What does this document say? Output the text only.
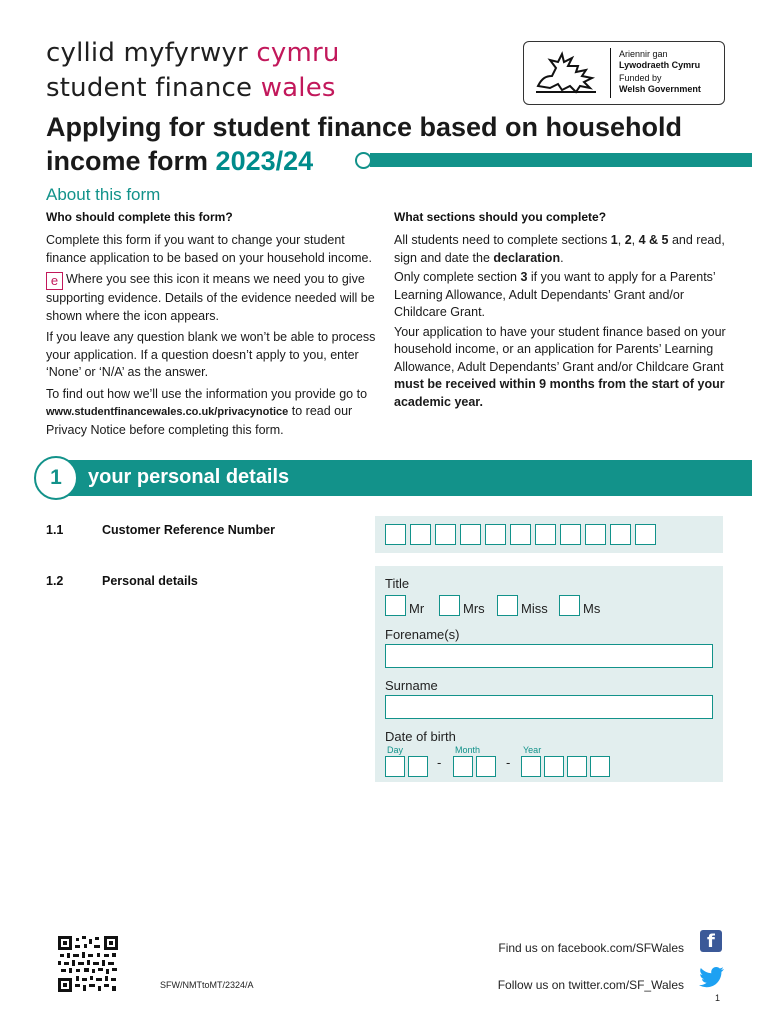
cyllid myfyrwyr cymru
student finance wales
Ariennir gan
Lywodraeth Cymru
Funded by
Welsh Government
Applying for student finance based on household
income form 2023/24
About this form
Who should complete this form?
Complete this form if you want to change your student finance application to be based on your household income.
e Where you see this icon it means we need you to give supporting evidence. Details of the evidence needed will be shown where the icon appears.
If you leave any question blank we won’t be able to process your application. If a question doesn’t apply to you, enter ‘None’ or ‘N/A’ as the answer.
To find out how we’ll use the information you provide go to www.studentfinancewales.co.uk/privacynotice to read our Privacy Notice before completing this form.
What sections should you complete?
All students need to complete sections 1, 2, 4 & 5 and read, sign and date the declaration.
Only complete section 3 if you want to apply for a Parents’ Learning Allowance, Adult Dependants’ Grant and/or Childcare Grant.
Your application to have your student finance based on your household income, or an application for Parents’ Learning Allowance, Adult Dependants’ Grant and/or Childcare Grant must be received within 9 months from the start of your academic year.
1	your personal details
1.1	Customer Reference Number
1.2	Personal details	Title
Mr	Mrs	Miss	Ms
Forename(s)
Surname
Date of birth
Day	Month	Year
-	-
SFW/NMTtoMT/2324/A
Find us on facebook.com/SFWales f
Follow us on twitter.com/SF_Wales
1
